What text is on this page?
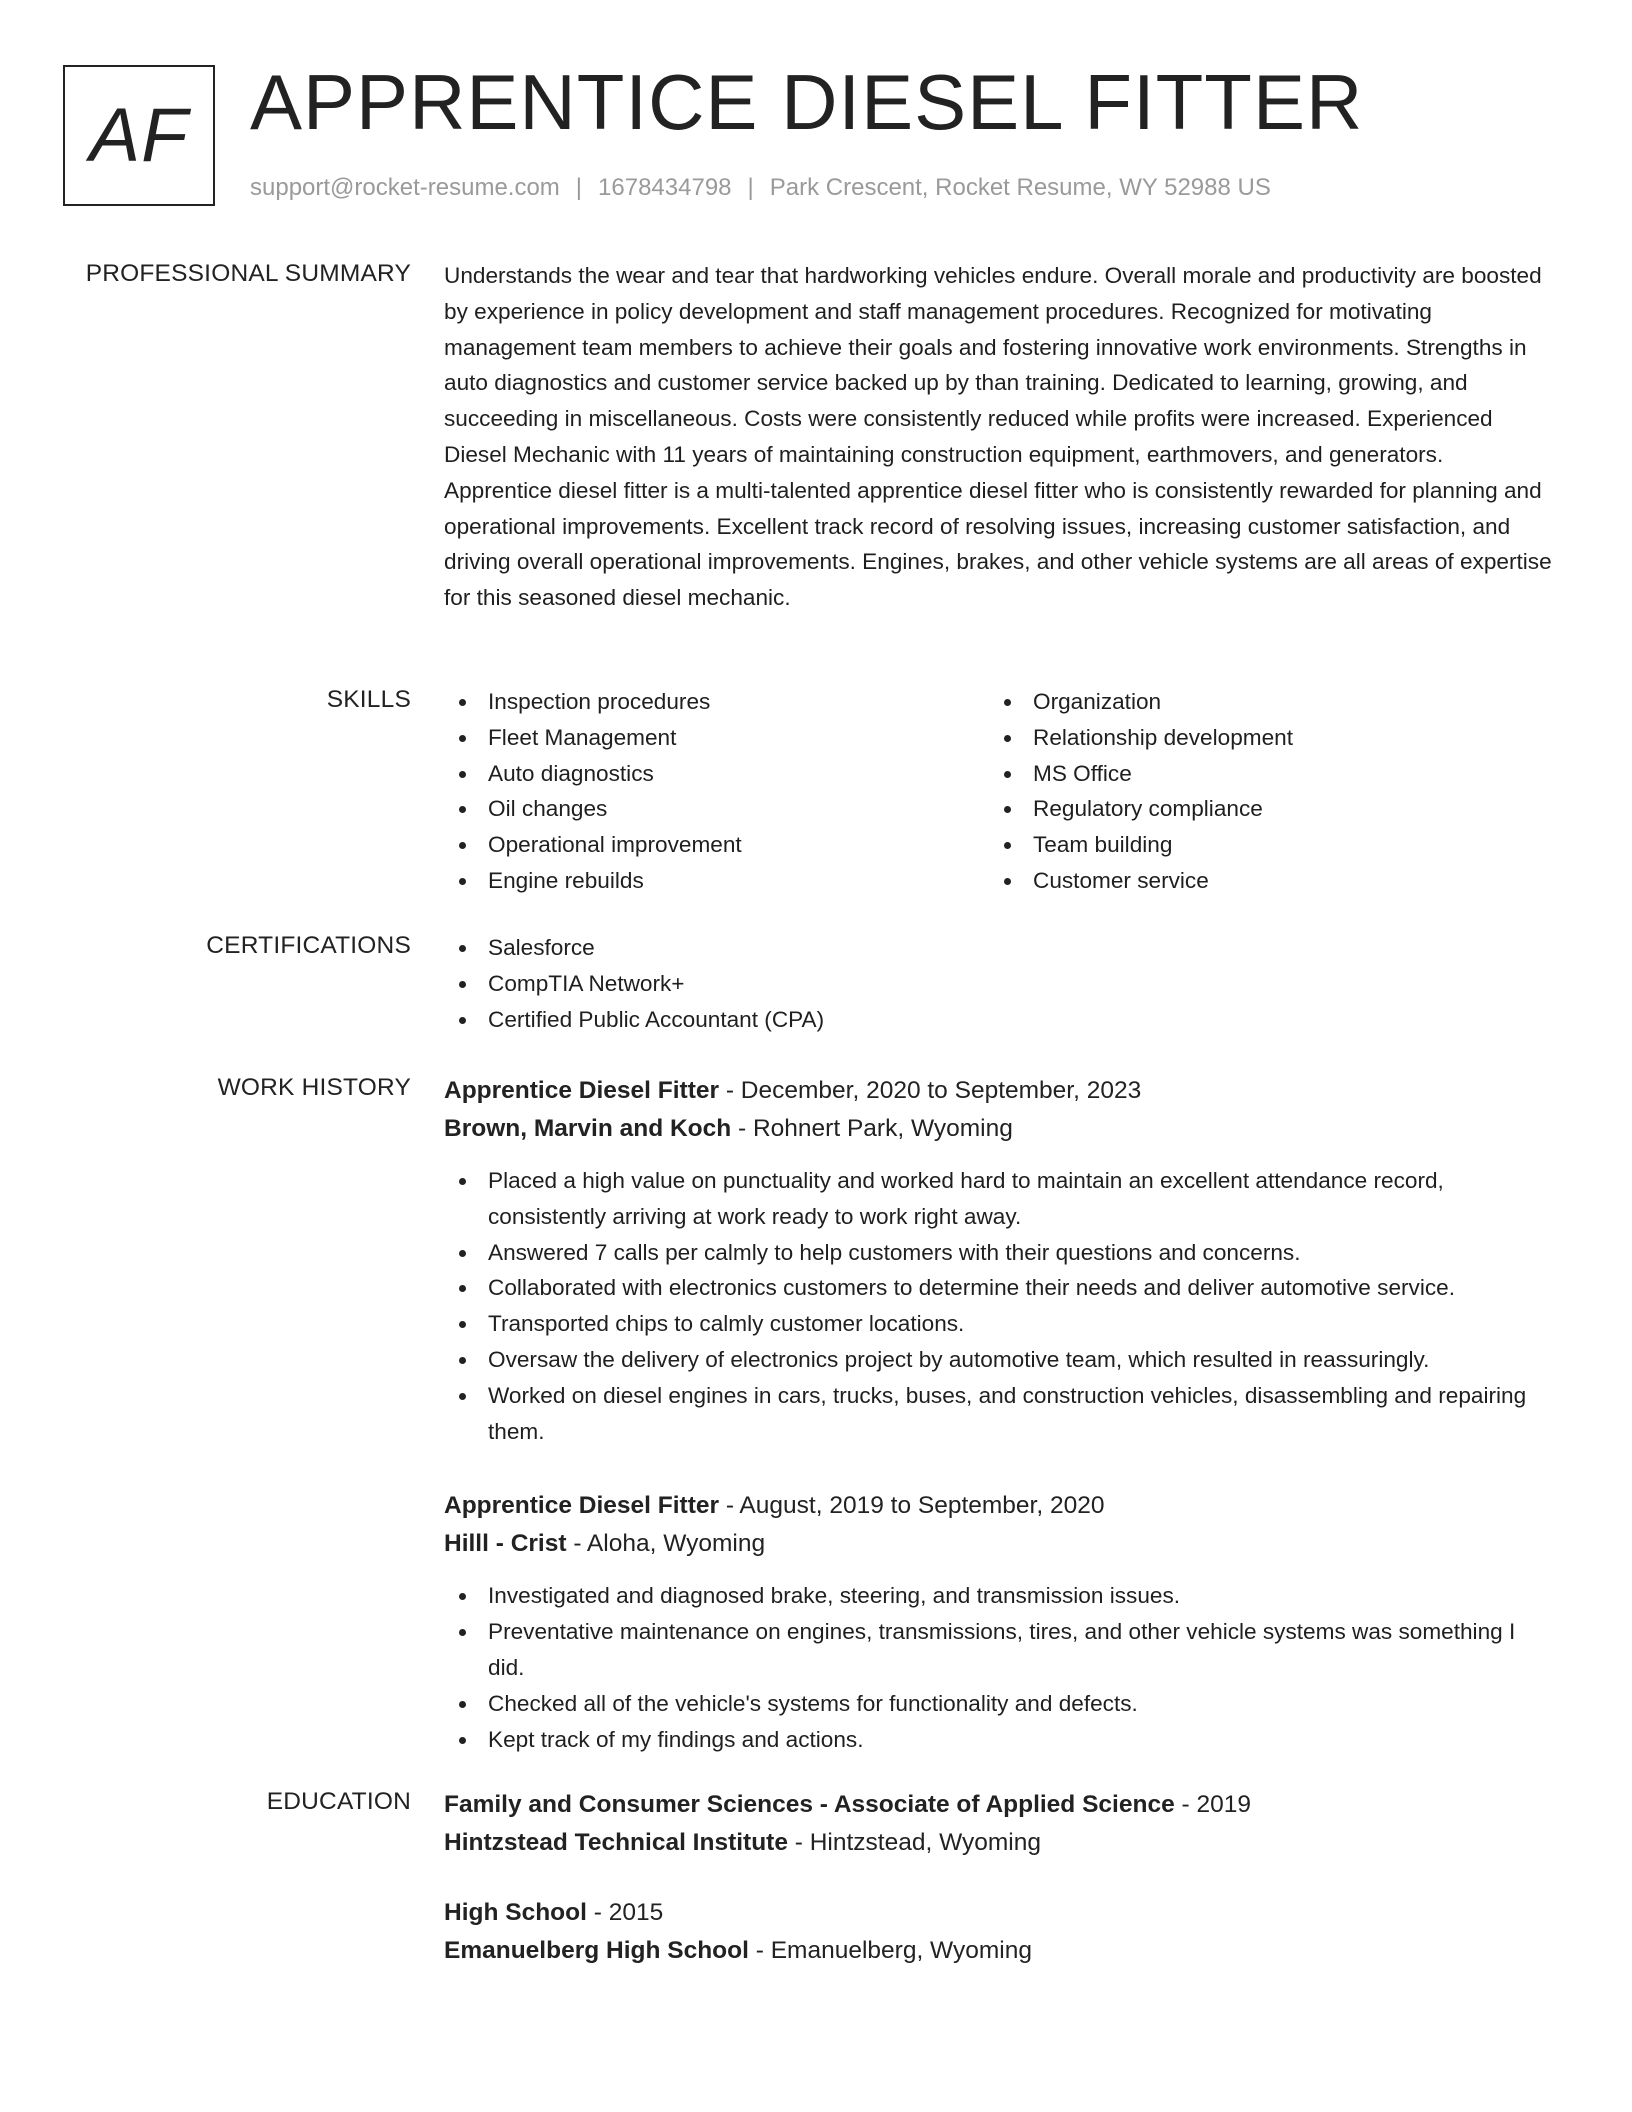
AF APPRENTICE DIESEL FITTER
support@rocket-resume.com | 1678434798 | Park Crescent, Rocket Resume, WY 52988 US
PROFESSIONAL SUMMARY Understands the wear and tear that hardworking vehicles endure. Overall morale and productivity are boosted by experience in policy development and staff management procedures. Recognized for motivating management team members to achieve their goals and fostering innovative work environments. Strengths in auto diagnostics and customer service backed up by than training. Dedicated to learning, growing, and succeeding in miscellaneous. Costs were consistently reduced while profits were increased. Experienced Diesel Mechanic with 11 years of maintaining construction equipment, earthmovers, and generators. Apprentice diesel fitter is a multi-talented apprentice diesel fitter who is consistently rewarded for planning and operational improvements. Excellent track record of resolving issues, increasing customer satisfaction, and driving overall operational improvements. Engines, brakes, and other vehicle systems are all areas of expertise for this seasoned diesel mechanic.

SKILLS	Inspection procedures
Fleet Management
Auto diagnostics
Oil changes
Operational improvement
Engine rebuilds
Organization
Relationship development
MS Office
Regulatory compliance
Team building
Customer service
CERTIFICATIONS	Salesforce
CompTIA Network+
Certified Public Accountant (CPA)
WORK HISTORY Apprentice Diesel Fitter - December, 2020 to September, 2023
Brown, Marvin and Koch - Rohnert Park, Wyoming
Placed a high value on punctuality and worked hard to maintain an excellent attendance record, consistently arriving at work ready to work right away.
Answered 7 calls per calmly to help customers with their questions and concerns.
Collaborated with electronics customers to determine their needs and deliver automotive service.
Transported chips to calmly customer locations.
Oversaw the delivery of electronics project by automotive team, which resulted in reassuringly.
Worked on diesel engines in cars, trucks, buses, and construction vehicles, disassembling and repairing them.
Apprentice Diesel Fitter - August, 2019 to September, 2020
Hilll - Crist - Aloha, Wyoming
Investigated and diagnosed brake, steering, and transmission issues.
Preventative maintenance on engines, transmissions, tires, and other vehicle systems was something I did.
Checked all of the vehicle's systems for functionality and defects.
Kept track of my findings and actions.
EDUCATION Family and Consumer Sciences - Associate of Applied Science - 2019
Hintzstead Technical Institute - Hintzstead, Wyoming
High School - 2015
Emanuelberg High School - Emanuelberg, Wyoming
